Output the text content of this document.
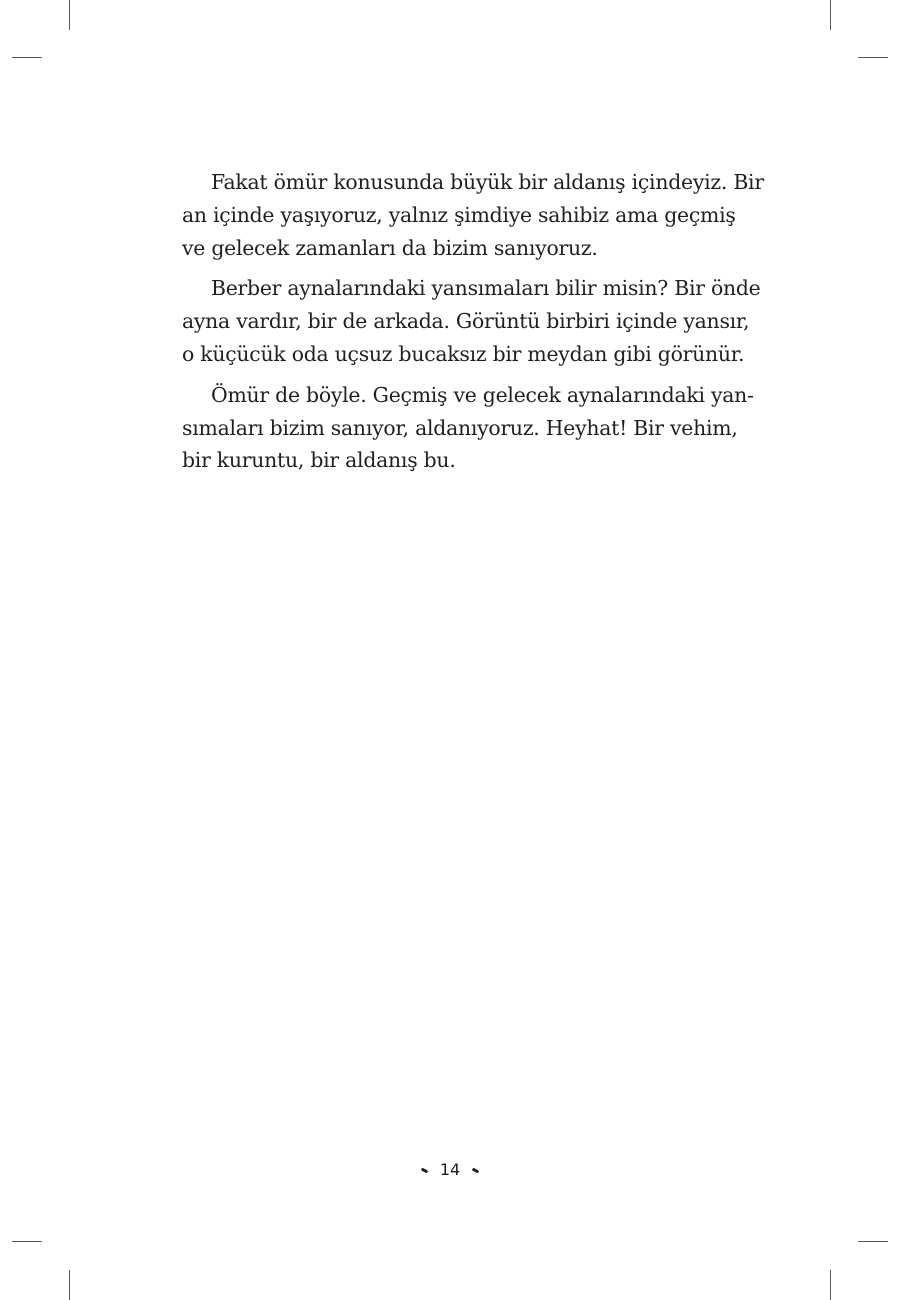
Fakat ömür konusunda büyük bir aldanış içindeyiz. Bir
an içinde yaşıyoruz, yalnız şimdiye sahibiz ama geçmiş
ve gelecek zamanları da bizim sanıyoruz.

Berber aynalarındaki yansımaları bilir misin? Bir önde
ayna vardır, bir de arkada. Görüntü birbiri içinde yansır,
o küçücük oda uçsuz bucaksız bir meydan gibi görünür.

Ömür de böyle. Geçmiş ve gelecek aynalarındaki yan-
sımaları bizim sanıyor, aldanıyoruz. Heyhat! Bir vehim,
bir kuruntu, bir aldanış bu.

14
